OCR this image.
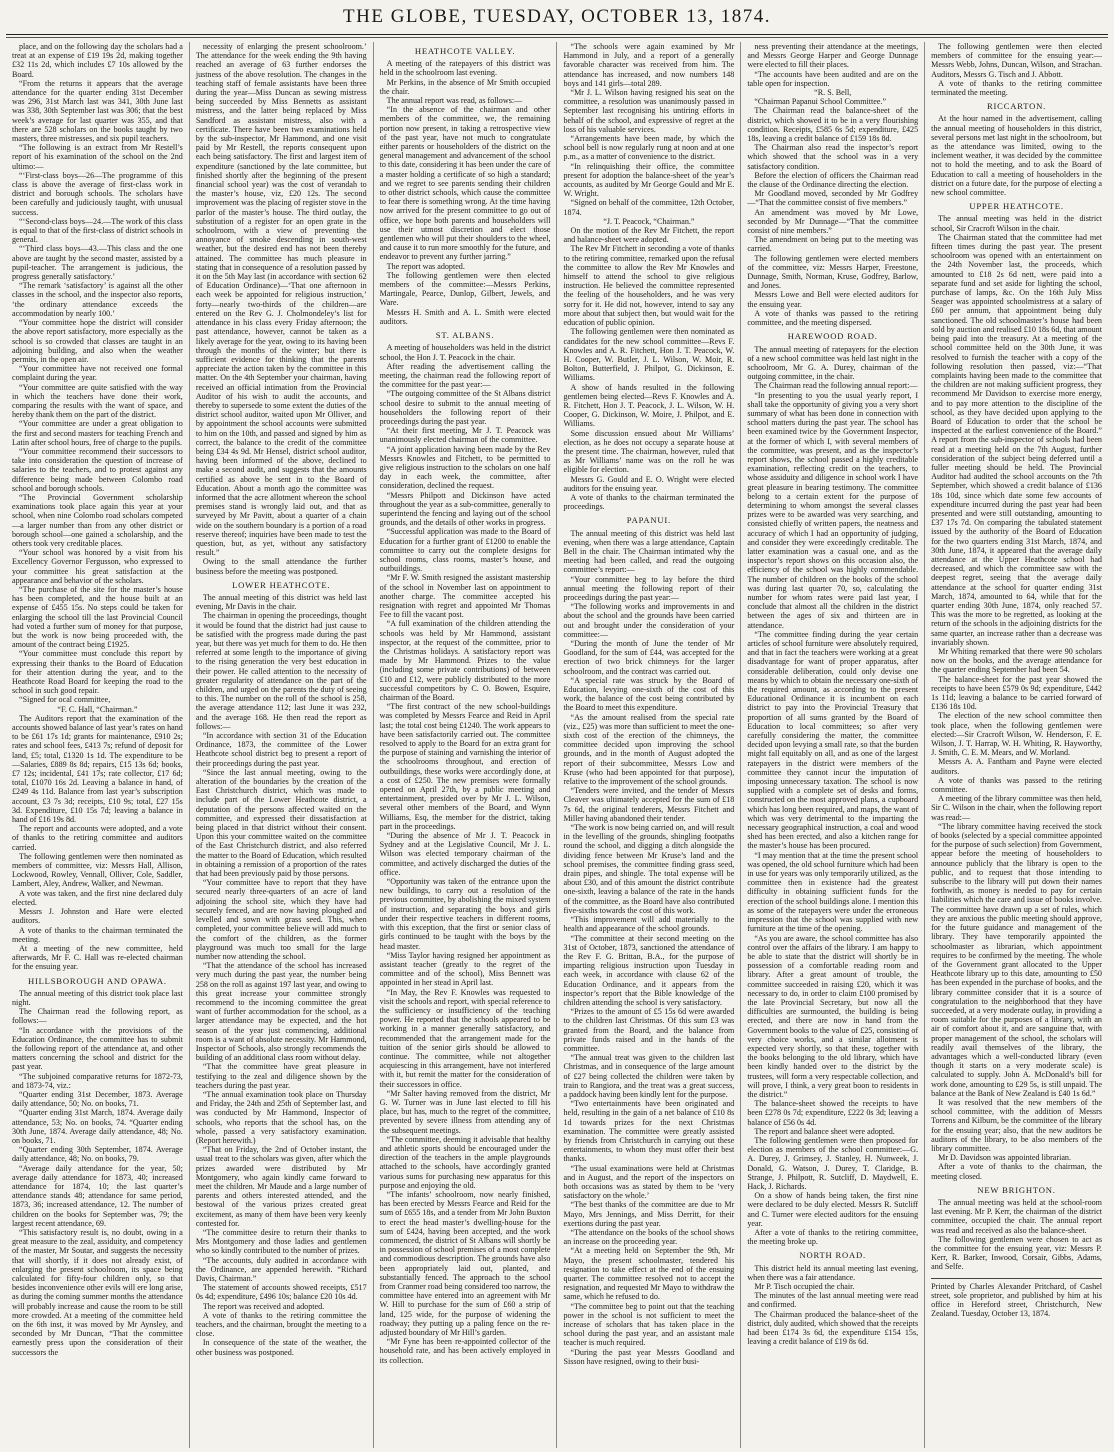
THE GLOBE, TUESDAY, OCTOBER 13, 1874.

place, and on the following day the scholars had a treat at an expense of £19 19s 2d, making together £32 11s 2d, which includes £7 10s allowed by the Board.

“From the returns it appears that the average attendance for the quarter ending 31st December was 296, 31st March last was 341, 30th June last was 338, 30th September last was 306; that the best week’s average for last quarter was 355, and that there are 528 scholars on the books taught by two masters, three mistresses, and six pupil teachers.

“The following is an extract from Mr Restell’s report of his examination of the school on the 2nd ultimo:—

“‘First-class boys—26—The programme of this class is above the average of first-class work in district and borough schools. The scholars have been carefully and judiciously taught, with unusual success.

“‘Second-class boys—24.—The work of this class is equal to that of the first-class of district schools in general.

“‘Third class boys—43.—This class and the one above are taught by the second master, assisted by a pupil-teacher. The arrangement is judicious, the progress generally satisfactory.’

“The remark ‘satisfactory’ is against all the other classes in the school, and the inspector also reports, ‘the ordinary attendance exceeds the accommodation by nearly 100.’

“Your committee hope the district will consider the above report satisfactory, more especially as the school is so crowded that classes are taught in an adjoining building, and also when the weather permits, in the open air.

“Your committee have not received one formal complaint during the year.

“Your committee are quite satisfied with the way in which the teachers have done their work, comparing the results with the want of space, and hereby thank them on the part of the district.

“Your committee are under a great obligation to the first and second masters for teaching French and Latin after school hours, free of charge to the pupils.

“Your committee recommend their successors to take into consideration the question of increase of salaries to the teachers, and to protest against any difference being made between Colombo road school and borough schools.

“The Provincial Government scholarship examinations took place again this year at your school, when nine Colombo road scholars competed—a larger number than from any other district or borough school—one gained a scholarship, and the others took very creditable places.

“Your school was honored by a visit from his Excellency Governor Fergusson, who expressed to your committee his great satisfaction at the appearance and behavior of the scholars.

“The purchase of the site for the master’s house has been completed, and the house built at an expense of £455 15s. No steps could be taken for enlarging the school till the last Provincial Council had voted a further sum of money for that purpose, but the work is now being proceeded with, the amount of the contract being £1925.

“Your committee must conclude this report by expressing their thanks to the Board of Education for their attention during the year, and to the Heathcote Road Board for keeping the road to the school in such good repair.

“Signed for ocal committee,

“F. C. Hall, “Chairman.”

The Auditors report that the examination of the accounts showed balance of last year’s rates on hand to be £61 17s 1d; grants for maintenance, £910 2s; rates and school fees, £413 7s; refund of deposit for land, £5; total, £1320 1s 1d. The expenditure to be—Salaries, £889 8s 8d; repairs, £15 13s 6d; books, £7 12s; incidental, £41 17s; rate collector, £17 6d; total, £1070 16s 2d. Leaving a balance in hand, of £249 4s 11d. Balance from last year’s subscription account, £3 7s 3d; receipts, £10 9s; total, £27 15s 3d. Expenditure, £10 15s 7d; leaving a balance in hand of £16 19s 8d.

The report and accounts were adopted, and a vote of thanks to the retiring committee and auditors carried.

The following gentlemen were then nominated as members of committee, viz: Messrs Hall, Allison, Lockwood, Rowley, Vennall, Olliver, Cole, Saddler, Lambert, Aley, Andrew, Walker, and Newman.

A vote was taken, and the first nine declared duly elected.

Messrs J. Johnston and Hare were elected auditors.

A vote of thanks to the chairman terminated the meeting.

At a meeting of the new committee, held afterwards, Mr F. C. Hall was re-elected chairman for the ensuing year.

HILLSBOROUGH AND OPAWA.

The annual meeting of this district took place last night.

The Chairman read the following report, as follows:—

“In accordance with the provisions of the Education Ordinance, the committee has to submit the following report of the attendance at, and other matters concerning the school and district for the past year.

“The subjoined comparative returns for 1872-73, and 1873-74, viz.:

“Quarter ending 31st December, 1873. Average daily attendance, 50; No. on books, 71.

“Quarter ending 31st March, 1874. Average daily attendance, 53; No. on books, 74. “Quarter ending 30th June, 1874. Average daily attendance, 48; No. on books, 71.

“Quarter ending 30th September, 1874. Average daily attendance, 48; No. on books, 79.

“Average daily attendance for the year, 50; average daily attendance for 1873, 40; increased attendance for 1874, 10; the last quarter’s attendance stands 48; attendance for same period, 1873, 36; increased attendance, 12. The number of children on the books for September was, 79; the largest recent attendance, 69.

“This satisfactory result is, no doubt, owing in a great measure to the zeal, assiduity, and competency of the master, Mr Soutar, and suggests the necessity that will shortly, if it does not already exist, of enlarging the present schoolroom, its space being calculated for fifty-four children only, so that besides inconvenience other evils will ere long arise, as during the coming summer months the attendance will probably increase and cause the room to be still more crowded. At a meeting of the committee held on the 6th inst, it was moved by Mr Aynsley, and seconded by Mr Duncan, “That the committee earnestly press upon the consideration of their successors the

necessity of enlarging the present schoolroom.’ The attendance for the week ending the 9th having reached an average of 63 further endorses the justness of the above resolution. The changes in the teaching staff of female assistants have been three during the year—Miss Duncan as sewing mistress being succeeded by Miss Bennetts as assistant mistress, and the latter being replaced by Miss Sandford as assistant mistress, also with a certificate. There have been two examinations held by the sub-inspector, Mr Hammond, and one visit paid by Mr Restell, the reports consequent upon each being satisfactory. The first and largest item of expenditure (sanctioned by the late committee, but finished shortly after the beginning of the present financial school year) was the cost of verandah to the master’s house, viz, £20 12s. The second improvement was the placing of register stove in the parlor of the master’s house. The third outlay, the substitution of a register for an open grate in the schoolroom, with a view of preventing the annoyance of smoke descending in south-west weather, but the desired end has not been thereby attained. The committee has much pleasure in stating that in consequence of a resolution passed by it on the 5th May last (in accordance with section 62 of Education Ordinance)—‘That one afternoon in each week be appointed for religious instruction,’ forty—nearly two-thirds of the children—are entered on the Rev G. J. Cholmondeley’s list for attendance in his class every Friday afternoon; the past attendance, however, cannot be taken as a likely average for the year, owing to its having been through the months of the winter; but there is sufficient evidence for thinking that the parents appreciate the action taken by the committee in this matter. On the 4th September your chairman, having received an official intimation from the Provincial Auditor of his wish to audit the accounts, and thereby to supersede to some extent the duties of the district school auditor, waited upon Mr Olliver, and by appointment the school accounts were submitted to him on the 10th, and passed and signed by him as correct, the balance to the credit of the committee being £34 4s 9d. Mr Hensel, district school auditor, having been informed of the above, declined to make a second audit, and suggests that the amounts certified as above be sent in to the Board of Education. About a month ago the committee was informed that the acre allotment whereon the school premises stand is wrongly laid out, and that as surveyed by Mr Pavitt, about a quarter of a chain wide on the southern boundary is a portion of a road reserve thereof; inquiries have been made to test the question, but, as yet, without any satisfactory result.”

Owing to the small attendance the further business before the meeting was postponed.

LOWER HEATHCOTE.

The annual meeting of this district was held last evening, Mr Davis in the chair.

The chairman in opening the proceedings, thought it would be found that the district had just cause to be satisfied with the progress made during the past year, but there was yet much for them to do. He then referred at some length to the importance of giving to the rising generation the very best education in their power. He called attention to the necessity of greater regularity of attendance on the part of the children, and urged on the parents the duty of seeing to this. The number on the roll of the school is 258, the average attendance 112; last June it was 232, and the average 168. He then read the report as follows:—

“In accordance with section 31 of the Education Ordinance, 1873, the committee of the Lower Heathcote school district beg to present a report of their proceedings during the past year.

“Since the last annual meeting, owing to the alteration of the boundaries by the creation of the East Christchurch district, which was made to include part of the Lower Heathcote district, a deputation of the persons affected waited on the committee, and expressed their dissatisfaction at being placed in that district without their consent. Upon this your committee waited on the committee of the East Christchurch district, and also referred the matter to the Board of Education, which resulted in obtaining a remission of a proportion of the rates that had been previously paid by those persons.

“Your committee have to report that they have secured nearly three-quarters of an acre of land adjoining the school site, which they have had securely fenced, and are now having ploughed and levelled and sown with grass seed. This, when completed, your committee believe will add much to the comfort of the children, as the former playground was much too small for the large number now attending the school.

“That the attendance of the school has increased very much during the past year, the number being 258 on the roll as against 197 last year, and owing to this great increase your committee strongly recommend to the incoming committee the great want of further accommodation for the school, as a larger attendance may be expected, and the hot season of the year just commencing, additional room is a want of absolute necessity. Mr Hammond, Inspector of Schools, also strongly recommends the building of an additional class room without delay.

“That the committee have great pleasure in testifying to the zeal and diligence shown by the teachers during the past year.

“The annual examination took place on Thursday and Friday, the 24th and 25th of September last, and was conducted by Mr Hammond, Inspector of schools, who reports that the school has, on the whole, passed a very satisfactory examination. (Report herewith.)

“That on Friday, the 2nd of October instant, the usual treat to the scholars was given, after which the prizes awarded were distributed by Mr Montgomery, who again kindly came forward to meet the children. Mr Maude and a large number of parents and others interested attended, and the bestowal of the various prizes created great excitement, as many of them have been very keenly contested for.

“The committee desire to return their thanks to Mrs Montgomery and those ladies and gentlemen who so kindly contributed to the number of prizes.

“The accounts, duly audited in accordance with the Ordinance, are appended herewith. “Richard Davis, Chairman.”

The statement of accounts showed receipts, £517 0s 4d; expenditure, £496 10s; balance £20 10s 4d.

The report was received and adopted.

A vote of thanks to the retiring committee the teachers, and the chairman, brought the meeting to a close.

In consequence of the state of the weather, the other business was postponed.

HEATHCOTE VALLEY.

A meeting of the ratepayers of this district was held in the schoolroom last evening.

Mr Perkins, in the absence of Mr Smith occupied the chair.

The annual report was read, as follows:—

“In the absence of the chairman and other members of the committee, we, the remaining portion now present, in taking a retrospective view of the past year, have not much to congratulate either parents or householders of the district on the general management and advancement of the school to this date, considering it has been under the care of a master holding a certificate of so high a standard; and we regret to see parents sending their children to other district schools, which cause the committee to fear there is something wrong. At the time having now arrived for the present committee to go out of office, we hope both parents and householders will use their utmost discretion and elect those gentlemen who will put their shoulders to the wheel, and cause it to run more smoothly for the future, and endeavor to prevent any further jarring.”

The report was adopted.

The following gentlemen were then elected members of the committee:—Messrs Perkins, Martingale, Pearce, Dunlop, Gilbert, Jewels, and Ware.

Messrs H. Smith and A. L. Smith were elected auditors.

ST. ALBANS.

A meeting of householders was held in the district school, the Hon J. T. Peacock in the chair.

After reading the advertisement calling the meeting, the chairman read the following report of the committee for the past year:—

“The outgoing committee of the St Albans district school desire to submit to the annual meeting of householders the following report of their proceedings during the past year.

“At their first meeting, Mr J. T. Peacock was unanimously elected chairman of the committee.

“A joint application having been made by the Rev Messrs Knowles and Fitchett, to be permitted to give religious instruction to the scholars on one half day in each week, the committee, after consideration, declined the request.

“Messrs Philpott and Dickinson have acted throughout the year as a sub-committee, generally to superintend the fencing and laying out of the school grounds, and the details of other works in progress.

“Successful application was made to the Board of Education for a further grant of £1200 to enable the committee to carry out the complete designs for school rooms, class rooms, master’s house, and outbuildings.

“Mr F. W. Smith resigned the assistant mastership of the school in November last on appointment to another charge. The committee accepted his resignation with regret and appointed Mr Thomas Fee to fill the vacant post.

“A full examination of the children attending the schools was held by Mr Hammond, assistant inspector, at the request of the committee, prior to the Christmas holidays. A satisfactory report was made by Mr Hammond. Prizes to the value (including some private contributions) of between £10 and £12, were publicly distributed to the more successful competitors by C. O. Bowen, Esquire, chairman of the Board.

“The first contract of the new school-buildings was completed by Messrs Fearce and Reid in April last; the total cost being £1240. The work appears to have been satisfactorily carried out. The committee resolved to apply to the Board for an extra grant for the purpose of staining and varnishing the interior of the schoolrooms throughout, and erection of outbuildings, these works were accordingly done, at a cost of £250. The new premises were formally opened on April 27th, by a public meeting and entertainment, presided over by Mr J. L. Wilson, several other members of the Board, and Wynn Williams, Esq, the member for the district, taking part in the proceedings.

“During the absence of Mr J. T. Peacock in Sydney and at the Legislative Council, Mr J. L. Wilson was elected temporary chairman of the committee, and actively discharged the duties of the office.

“Opportunity was taken of the entrance upon the new buildings, to carry out a resolution of the previous committee, by abolishing the mixed system of instruction, and separating the boys and girls under their respective teachers in different rooms, with this exception, that the first or senior class of girls continued to be taught with the boys by the head master.

“Miss Taylor having resigned her appointment as assistant teacher (greatly to the regret of the committee and of the school), Miss Bennett was appointed in her stead in April last.

“In May, the Rev F. Knowles was requested to visit the schools and report, with special reference to the sufficiency or insufficiency of the teaching power. He reported that the schools appeared to be working in a manner generally satisfactory, and recommended that the arrangement made for the tuition of the senior girls should be allowed to continue. The committee, while not altogether acquiescing in this arrangement, have not interfered with it, but remit the matter for the consideration of their successors in office.

“Mr Salter having removed from the district, Mr G. W. Turner was in June last elected to fill his place, but has, much to the regret of the committee, prevented by severe illness from attending any of the subsequent meetings.

“The committee, deeming it advisable that healthy and athletic sports should be encouraged under the direction of the teachers in the ample playgrounds attached to the schools, have accordingly granted various sums for purchasing new apparatus for this purpose and enjoying the old.

“The infants’ schoolroom, now nearly finished, has been erected by Messrs Fearce and Reid for the sum of £655 18s, and a tender from Mr John Buxton to erect the head master’s dwelling-house for the sum of £424, having been accepted, and the work commenced, the district of St Albans will shortly be in possession of school premises of a most complete and commodious description. The grounds have also been appropriately laid out, planted, and substantially fenced. The approach to the school from Cranmer road being considered too narrow, the committee have entered into an agreement with Mr W. Hill to purchase for the sum of £60 a strip of land, 125 wide, for the purpose of widening the roadway; they putting up a paling fence on the re-adjusted boundary of Mr Hill’s garden.

“Mr Fyne has been re-appointed collector of the household rate, and has been actively employed in its collection.

“The schools were again examined by Mr Hammond in July, and a report of a generally favorable character was received from him. The attendance has increased, and now numbers 148 boys and 141 girls—total 289.

“Mr J. L. Wilson having resigned his seat on the committee, a resolution was unanimously passed in September last recognising his untiring efforts in behalf of the school, and expressive of regret at the loss of his valuable services.

“Arrangements have been made, by which the school bell is now regularly rung at noon and at one p.m., as a matter of convenience to the district.

“In relinquishing their office, the committee present for adoption the balance-sheet of the year’s accounts, as audited by Mr George Gould and Mr E. W. Wright.

“Signed on behalf of the committee, 12th October, 1874.

“J. T. Peacock, “Chairman.”

On the motion of the Rev Mr Fitchett, the report and balance-sheet were adopted.

The Rev Mr Fitchett in seconding a vote of thanks to the retiring committee, remarked upon the refusal the committee to allow the Rev Mr Knowles and himself to attend the school to give religious instruction. He believed the committee represented the feeling of the householders, and he was very sorry for it. He did not, however, intend to say any more about that subject then, but would wait for the education of public opinion.

The following gentlemen were then nominated as candidates for the new school committee—Revs F. Knowles and A. R. Fitchett, Hon J. T. Peacock, W. H. Cooper, W. Butler, J. L. Wilson, W. Moir, R. Bolton, Butterfield, J. Philpot, G. Dickinson, E. Williams.

A show of hands resulted in the following gentlemen being elected—Revs F. Knowles and A. R. Fitchett, Hon J. T. Peacock, J. L. Wilson, W. H. Cooper, G. Dickinson, W. Moire, J. Philpot, and E. Williams.

Some discussion ensued about Mr Williams’ election, as he does not occupy a separate house at the present time. The chairman, however, ruled that as Mr Williams’ name was on the roll he was eligible for election.

Messrs G. Gould and E. O. Wright were elected auditors for the ensuing year.

A vote of thanks to the chairman terminated the proceedings.

PAPANUI.

The annual meeting of this district was held last evening, when there was a large attendance, Captain Bell in the chair. The Chairman intimated why the meeting had been called, and read the outgoing committee’s report:—

“Your committee beg to lay before the third annual meeting the following report of their proceedings during the past year:—

“The following works and improvements in and about the school and the grounds have been carried out and brought under the consideration of your committee:—

“During the month of June the tender of Mr Goodland, for the sum of £44, was accepted for the erection of two brick chimneys for the larger schoolroom, and the contract was carried out.

“A special rate was struck by the Board of Education, levying one-sixth of the cost of this work, the balance of the cost being contributed by the Board to meet this expenditure.

“As the amount realised from the special rate (viz., £25) was more than sufficient to meet the one-sixth cost of the erection of the chimneys, the committee decided upon improving the school grounds, and in the month of August adopted the report of their subcommittee, Messrs Low and Kruse (who had been appointed for that purpose), relative to the improvement of the school grounds.

“Tenders were invited, and the tender of Messrs Cleaver was ultimately accepted for the sum of £18 7s 6d, the original tenderers, Messrs Fitchett and Miller having abandoned their tender.

“The work is now being carried on, and will result in the levelling of the grounds, shingling footpaths round the school, and digging a ditch alongside the dividing fence between Mr Kruse’s land and the school premises, the committee finding grass seed, drain pipes, and shingle. The total expense will be about £30, and of this amount the district contribute one-sixth, leaving a balance of the rate in the hands of the committee, as the Board have also contributed five-sixths towards the cost of this work.

“This improvement will add materially to the health and appearance of the school grounds.

“The committee at their second meeting on the 31st of October, 1873, sanctioned the attendance of the Rev F. G. Brittan, B.A., for the purpose of imparting religious instruction upon Tuesday in each week, in accordance with clause 62 of the Education Ordinance, and it appears from the inspector’s report that the Bible knowledge of the children attending the school is very satisfactory.

“Prizes to the amount of £5 15s 6d were awarded to the children last Christmas. Of this sum £3 was granted from the Board, and the balance from private funds raised and in the hands of the committee.

“The annual treat was given to the children last Christmas, and in consequence of the large amount of £27 being collected the children were taken by train to Rangiora, and the treat was a great success, a paddock having been kindly lent for the purpose.

“Two entertainments have been originated and held, resulting in the gain of a net balance of £10 8s 1d towards prizes for the next Christmas examination. The committee were greatly assisted by friends from Christchurch in carrying out these entertainments, to whom they must offer their best thanks.

“The usual examinations were held at Christmas and in August, and the report of the inspectors on both occasions was as stated by them to be ‘very satisfactory on the whole.’

“The best thanks of the committee are due to Mr Mayo, Mrs Jennings, and Miss Derritt, for their exertions during the past year.

“The attendance on the books of the school shows an increase on the proceeding year.

“At a meeting held on September the 9th, Mr Mayo, the present schoolmaster, tendered his resignation to take effect at the end of the ensuing quarter. The committee resolved not to accept the resignation, and requested Mr Mayo to withdraw the same, which he refused to do.

“The committee beg to point out that the teaching power in the school is not sufficient to meet the increase of scholars that has taken place in the school during the past year, and an assistant male teacher is much required.

“During the past year Messrs Goodland and Sisson have resigned, owing to their busi-

ness preventing their attendance at the meetings, and Messrs George Harper and George Dunnage were elected to fill their places.

“The accounts have been audited and are on the table open for inspection.

“R. S. Bell,

“Chairman Papanui School Committee.”

The Chairman read the balance-sheet of the district, which showed it to be in a very flourishing condition. Receipts, £585 6s 5d; expenditure, £425 18s, leaving a credit balance of £159 18s 8d.

The Chairman also read the inspector’s report which showed that the school was in a very satisfactory condition.

Before the election of officers the Chairman read the clause of the Ordinance directing the election.

Mr Goodland moved, seconded by Mr Godfrey—“That the committee consist of five members.”

An amendment was moved by Mr Lowe, seconded by Mr Dunnage—“That the committee consist of nine members.”

The amendment on being put to the meeting was carried.

The following gentlemen were elected members of the committee, viz: Messrs Harper, Freestone, Dunnage, Smith, Norman, Kruse, Godfrey, Barlow, and Jones.

Messrs Lowe and Bell were elected auditors for the ensuing year.

A vote of thanks was passed to the retiring committee, and the meeting dispersed.

HAREWOOD ROAD.

The annual meeting of ratepayers for the election of a new school committee was held last night in the schoolroom, Mr G. A. Durey, chairman of the outgoing committee, in the chair.

The Chairman read the following annual report:—

“In presenting to you the usual yearly report, I shall take the opportunity of giving you a very short summary of what has been done in connection with school matters during the past year. The school has been examined twice by the Government Inspector, at the former of which I, with several members of the committee, was present, and as the inspector’s report shows, the school passed a highly creditable examination, reflecting credit on the teachers, to whose assiduity and diligence in school work I have great pleasure in bearing testimony. The committee belong to a certain extent for the purpose of determining to whom amongst the several classes prizes were to be awarded was very searching, and consisted chiefly of written papers, the neatness and accuracy of which I had an opportunity of judging, and consider they were exceedingly creditable. The latter examination was a casual one, and as the inspector’s report shows on this occasion also, the efficiency of the school was highly commendable. The number of children on the books of the school was during last quarter 70, so, calculating the number for whom rates were paid last year, I conclude that almost all the children in the district between the ages of six and thirteen are in attendance.

“The committee finding during the year certain articles of school furniture were absolutely required, and that in fact the teachers were working at a great disadvantage for want of proper apparatus, after considerable deliberation, could only devise one means by which to obtain the necessary one-sixth of the required amount, as according to the present Educational Ordinance it is incumbent on each district to pay into the Provincial Treasury that proportion of all sums granted by the Board of Education to local committees; so after very carefully considering the matter, the committee decided upon levying a small rate, so that the burden might fall equitably on all, and as one of the largest ratepayers in the district were members of the committee they cannot incur the imputation of imposing unnecessary taxation. The school is now supplied with a complete set of desks and forms, constructed on the most approved plans, a cupboard which has long been required, and maps, the want of which was very detrimental to the imparting the necessary geographical instruction, a coal and wood shed has been erected, and also a kitchen range for the master’s house has been procured.

“I may mention that at the time the present school was opened, the old school furniture which had been in use for years was only temporarily utilized, as the committee then in existence had the greatest difficulty in obtaining sufficient funds for the erection of the school buildings alone. I mention this as some of the ratepayers were under the erroneous impression that the school was supplied with new furniture at the time of the opening.

“As you are aware, the school committee has also control over the affairs of the library. I am happy to be able to state that the district will shortly be in possession of a comfortable reading room and library. After a great amount of trouble, the committee succeeded in raising £20, which it was necessary to do, in order to claim £100 promised by the late Provincial Secretary, but now all the difficulties are surmounted, the building is being erected, and there are now in hand from the Government books to the value of £25, consisting of very choice works, and a similar allotment is expected very shortly, so that these, together with the books belonging to the old library, which have been kindly handed over to the district by the trustees, will form a very respectable collection, and will prove, I think, a very great boon to residents in the district.”

The balance-sheet showed the receipts to have been £278 0s 7d; expenditure, £222 0s 3d; leaving a balance of £56 0s 4d.

The report and balance sheet were adopted.

The following gentlemen were then proposed for election as members of the school committee:—G. A. Durey, J. Grimsey, J. Stanley, H. Nunweek, J. Donald, G. Watson, J. Durey, T. Claridge, B. Strange, J. Philpott, R. Sutcliff, D. Maydwell, E. Hack, J. Richards.

On a show of hands being taken, the first nine were declared to be duly elected. Messrs R. Sutcliff and C. Turner were elected auditors for the ensuing year.

After a vote of thanks to the retiring committee, the meeting broke up.

NORTH ROAD.

This district held its annual meeting last evening, when there was a fair attendance.

Mr P. Tisch occupied the chair.

The minutes of the last annual meeting were read and confirmed.

The Chairman produced the balance-sheet of the district, duly audited, which showed that the receipts had been £174 3s 6d, the expenditure £154 15s, leaving a credit balance of £19 8s 6d.

The following gentlemen were then elected members of committee for the ensuing year:—Messrs Webb, Johns, Duncan, Wilson, and Strachan. Auditors, Messrs G. Tisch and J. Abbott.

A vote of thanks to the retiring committee terminated the meeting.

RICCARTON.

At the hour named in the advertisement, calling the annual meeting of householders in this district, several persons met last night in the schoolroom, but as the attendance was limited, owing to the inclement weather, it was decided by the committee not to hold the meeting, and to ask the Board of Education to call a meeting of householders in the district on a future date, for the purpose of electing a new school committee.

UPPER HEATHCOTE.

The annual meeting was held in the district school, Sir Cracroft Wilson in the chair.

The Chairman stated that the committee had met fifteen times during the past year. The present schoolroom was opened with an entertainment on the 24th November last, the proceeds, which amounted to £18 2s 6d nett, were paid into a separate fund and set aside for lighting the school, purchase of lamps, &c. On the 16th July Miss Seager was appointed schoolmistress at a salary of £60 per annum, that appointment being duly sanctioned. The old schoolmaster’s house had been sold by auction and realised £10 18s 6d, that amount being paid into the treasury. At a meeting of the school committee held on the 30th June, it was resolved to furnish the teacher with a copy of the following resolution then passed, viz:—“That complaints having been made to the committee that the children are not making sufficient progress, they recommend Mr Davidson to exercise more energy, and to pay more attention to the discipline of the school, as they have decided upon applying to the Board of Education to order that the school be inspected at the earliest convenience of the Board.” A report from the sub-inspector of schools had been read at a meeting held on the 7th August, further consideration of the subject being deferred until a fuller meeting should be held. The Provincial Auditor had audited the school accounts on the 7th September, which showed a credit balance of £136 18s 10d, since which date some few accounts of expenditure incurred during the past year had been presented and were still outstanding, amounting to £37 17s 7d. On comparing the tabulated statement issued by the authority of the Board of Education for the two quarters ending 31st March, 1874, and 30th June, 1874, it appeared that the average daily attendance at the Upper Heathcote school had decreased, and which the committee saw with the deepest regret, seeing that the average daily attendance at the school for quarter ending 31st March, 1874, amounted to 64, while that for the quarter ending 30th June, 1874, only reached 57. This was the more to be regretted, as looking at the return of the schools in the adjoining districts for the same quarter, an increase rather than a decrease was invariably shown.

Mr Whiting remarked that there were 90 scholars now on the books, and the average attendance for the quarter ending September had been 54.

The balance-sheet for the past year showed the receipts to have been £579 0s 9d; expenditure, £442 1s 11d; leaving a balance to be carried forward of £136 18s 10d.

The election of the new school committee then took place, when the following gentlemen were elected:—Sir Cracroft Wilson, W. Henderson, F. E. Wilson, J. T. Harrap, W. H. Whiting, R. Hayworthy, J. Smith, C. E. M. Mears, and W. Morland.

Messrs A. A. Fantham and Payne were elected auditors.

A vote of thanks was passed to the retiring committee.

A meeting of the library committee was then held, Sir C. Wilson in the chair, when the following report was read:—

“The library committee having received the stock of books (selected by a special committee appointed for the purpose of such selection) from Government, appear before the meeting of householders to announce publicly that the library is open to the public, and to request that those intending to subscribe to the library will put down their names forthwith, as money is needed to pay for certain liabilities which the care and issue of books involve. The committee have drawn up a set of rules, which they are anxious the public meeting should approve, for the future guidance and management of the library. They have temporarily appointed the schoolmaster as librarian, which appointment requires to be confirmed by the meeting. The whole of the Government grant allocated to the Upper Heathcote library up to this date, amounting to £50 has been expended in the purchase of books, and the library committee consider that it is a source of congratulation to the neighborhood that they have succeeded, at a very moderate outlay, in providing a room suitable for the purposes of a library, with an air of comfort about it, and are sanguine that, with proper management of the school, the scholars will readily avail themselves of the library, the advantages which a well-conducted library (even though it starts on a very moderate scale) is calculated to supply. John A. McDonald’s bill for work done, amounting to £29 5s, is still unpaid. The balance at the Bank of New Zealand is £40 1s 6d.”

It was resolved that the new members of the school committee, with the addition of Messrs Torrens and Kilburn, be the committee of the library for the ensuing year; also, that the new auditors be auditors of the library, to be also members of the library committee.

Mr D. Davidson was appointed librarian.

After a vote of thanks to the chairman, the meeting closed.

NEW BRIGHTON.

The annual meeting was held at the school-room last evening. Mr P. Kerr, the chairman of the district committee, occupied the chair. The annual report was read and received as also the balance-sheet.

The following gentlemen were chosen to act as the committee for the ensuing year, viz: Messrs P. Kerr, R. Barker, Inwood, Corsair, Gibbs, Adams, and Selfe.

Printed by Charles Alexander Pritchard, of Cashel street, sole proprietor, and published by him at his office in Hereford street, Christchurch, New Zealand. Tuesday, October 13, 1874.
